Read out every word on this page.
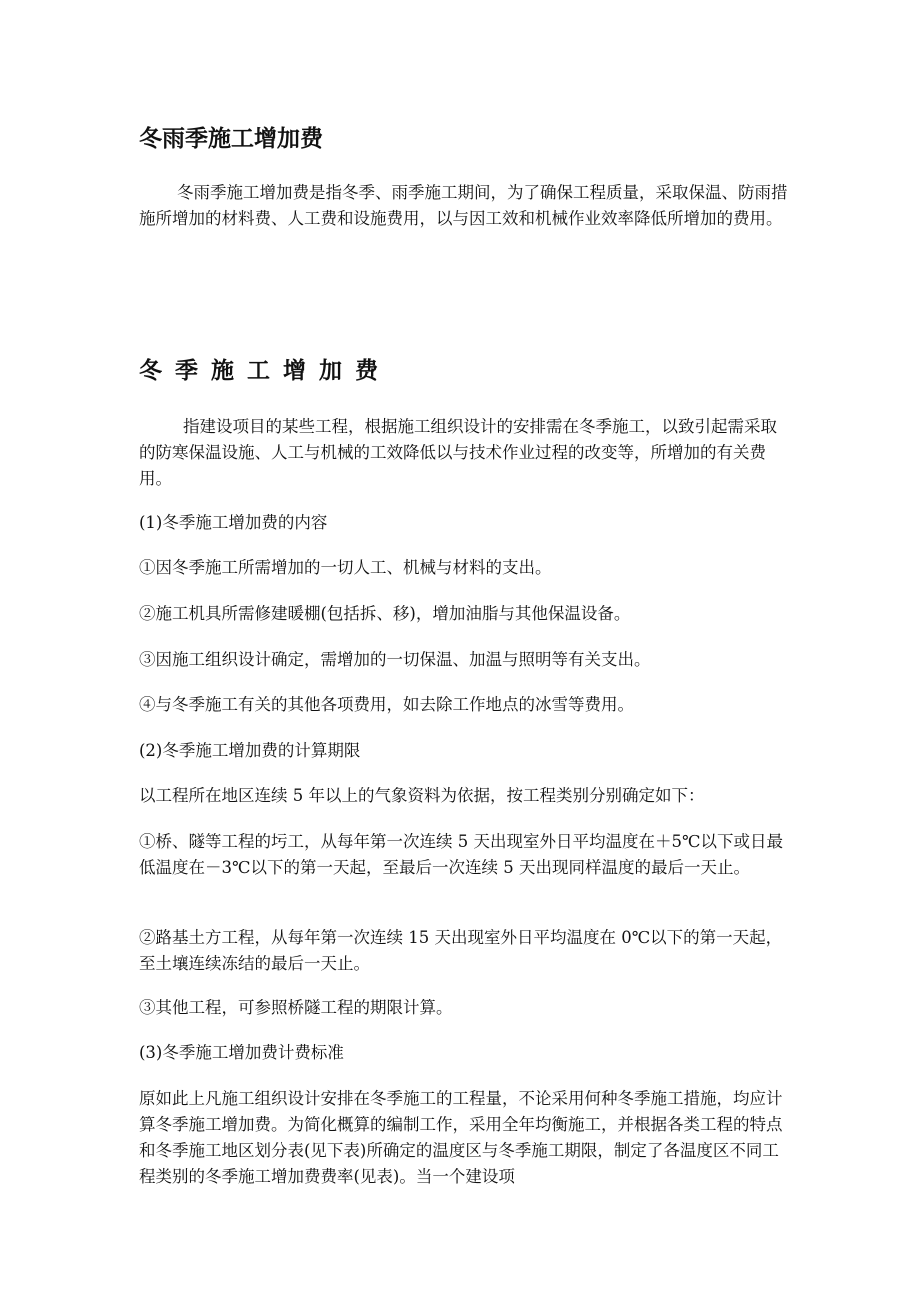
冬雨季施工增加费

冬雨季施工增加费是指冬季、雨季施工期间，为了确保工程质量，采取保温、防雨措施所增加的材料费、人工费和设施费用，以与因工效和机械作业效率降低所增加的费用。

冬季施工增加费

指建设项目的某些工程，根据施工组织设计的安排需在冬季施工，以致引起需采取的防寒保温设施、人工与机械的工效降低以与技术作业过程的改变等，所增加的有关费用。

(1)冬季施工增加费的内容

①因冬季施工所需增加的一切人工、机械与材料的支出。

②施工机具所需修建暖棚(包括拆、移)，增加油脂与其他保温设备。

③因施工组织设计确定，需增加的一切保温、加温与照明等有关支出。

④与冬季施工有关的其他各项费用，如去除工作地点的冰雪等费用。

(2)冬季施工增加费的计算期限

以工程所在地区连续 5 年以上的气象资料为依据，按工程类别分别确定如下：

①桥、隧等工程的圬工，从每年第一次连续 5 天出现室外日平均温度在＋5℃以下或日最低温度在－3℃以下的第一天起，至最后一次连续 5 天出现同样温度的最后一天止。

②路基土方工程，从每年第一次连续 15 天出现室外日平均温度在 0℃以下的第一天起，至土壤连续冻结的最后一天止。

③其他工程，可参照桥隧工程的期限计算。

(3)冬季施工增加费计费标准

原如此上凡施工组织设计安排在冬季施工的工程量，不论采用何种冬季施工措施，均应计算冬季施工增加费。为简化概算的编制工作，采用全年均衡施工，并根据各类工程的特点和冬季施工地区划分表(见下表)所确定的温度区与冬季施工期限，制定了各温度区不同工程类别的冬季施工增加费费率(见表)。当一个建设项
